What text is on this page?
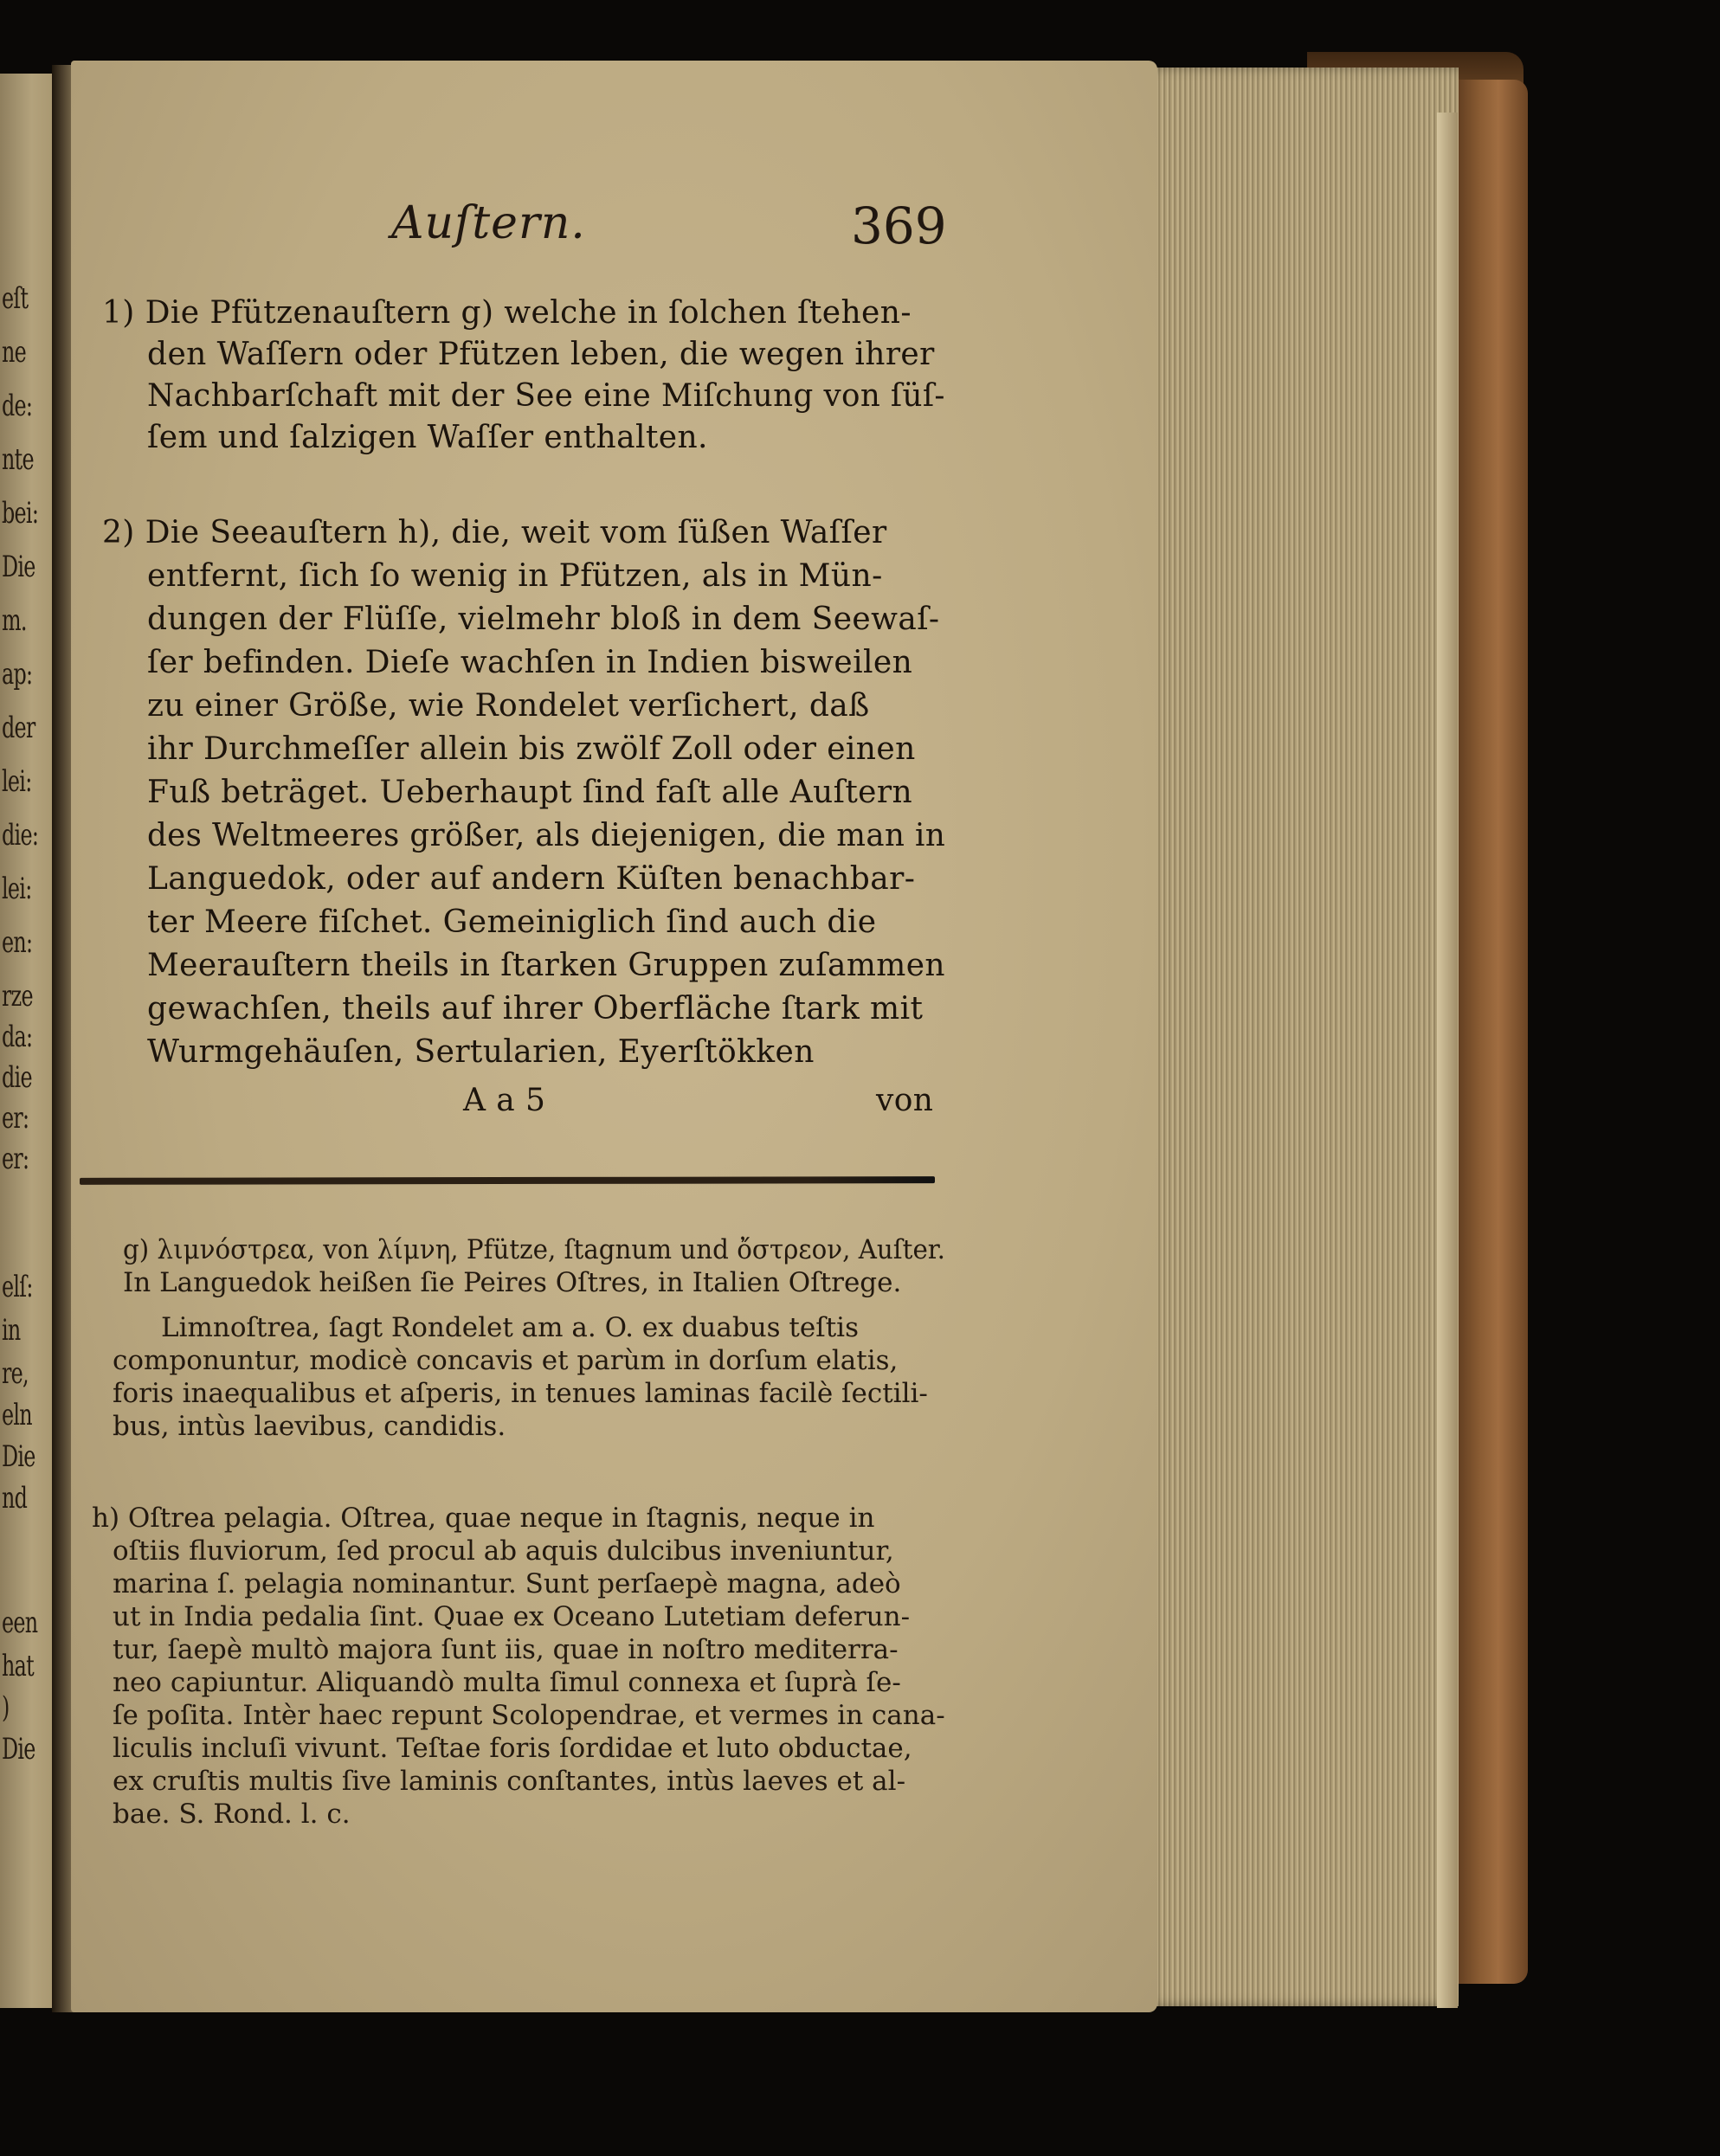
eſt

ne

de:

nte

bei:

Die

m.

ap:

der

lei:

die:

lei:

en:

rze

da:

die

er:

er:

elſ:

in

re,

eln

Die

nd

een

hat

)

Die

Auſtern.	369

1) Die Pfützenauſtern g) welche in ſolchen ſtehen-

den Waſſern oder Pfützen leben, die wegen ihrer

Nachbarſchaft mit der See eine Miſchung von ſüſ-

ſem und ſalzigen Waſſer enthalten.

2) Die Seeauſtern h), die, weit vom ſüßen Waſſer

entfernt, ſich ſo wenig in Pfützen, als in Mün-

dungen der Flüſſe, vielmehr bloß in dem Seewaſ-

ſer befinden. Dieſe wachſen in Indien bisweilen

zu einer Größe, wie Rondelet verſichert, daß

ihr Durchmeſſer allein bis zwölf Zoll oder einen

Fuß beträget. Ueberhaupt ſind faſt alle Auſtern

des Weltmeeres größer, als diejenigen, die man in

Languedok, oder auf andern Küſten benachbar-

ter Meere fiſchet. Gemeiniglich ſind auch die

Meerauſtern theils in ſtarken Gruppen zuſammen

gewachſen, theils auf ihrer Oberfläche ſtark mit

Wurmgehäuſen, Sertularien, Eyerſtökken

A a 5	von

g) λιμνόστρεα, von λίμνη, Pfütze, ſtagnum und ὄστρεον, Auſter.

In Languedok heißen ſie Peires Oſtres, in Italien Oſtrege.

Limnoſtrea, ſagt Rondelet am a. O. ex duabus teſtis

componuntur, modicè concavis et parùm in dorſum elatis,

foris inaequalibus et aſperis, in tenues laminas facilè ſectili-

bus, intùs laevibus, candidis.

h) Oſtrea pelagia. Oſtrea, quae neque in ſtagnis, neque in

oſtiis fluviorum, ſed procul ab aquis dulcibus inveniuntur,

marina ſ. pelagia nominantur. Sunt perſaepè magna, adeò

ut in India pedalia ſint. Quae ex Oceano Lutetiam deferun-

tur, ſaepè multò majora ſunt iis, quae in noſtro mediterra-

neo capiuntur. Aliquandò multa ſimul connexa et ſuprà ſe-

ſe poſita. Intèr haec repunt Scolopendrae, et vermes in cana-

liculis incluſi vivunt. Teſtae foris ſordidae et luto obductae,

ex cruſtis multis ſive laminis conſtantes, intùs laeves et al-

bae. S. Rond. l. c.
